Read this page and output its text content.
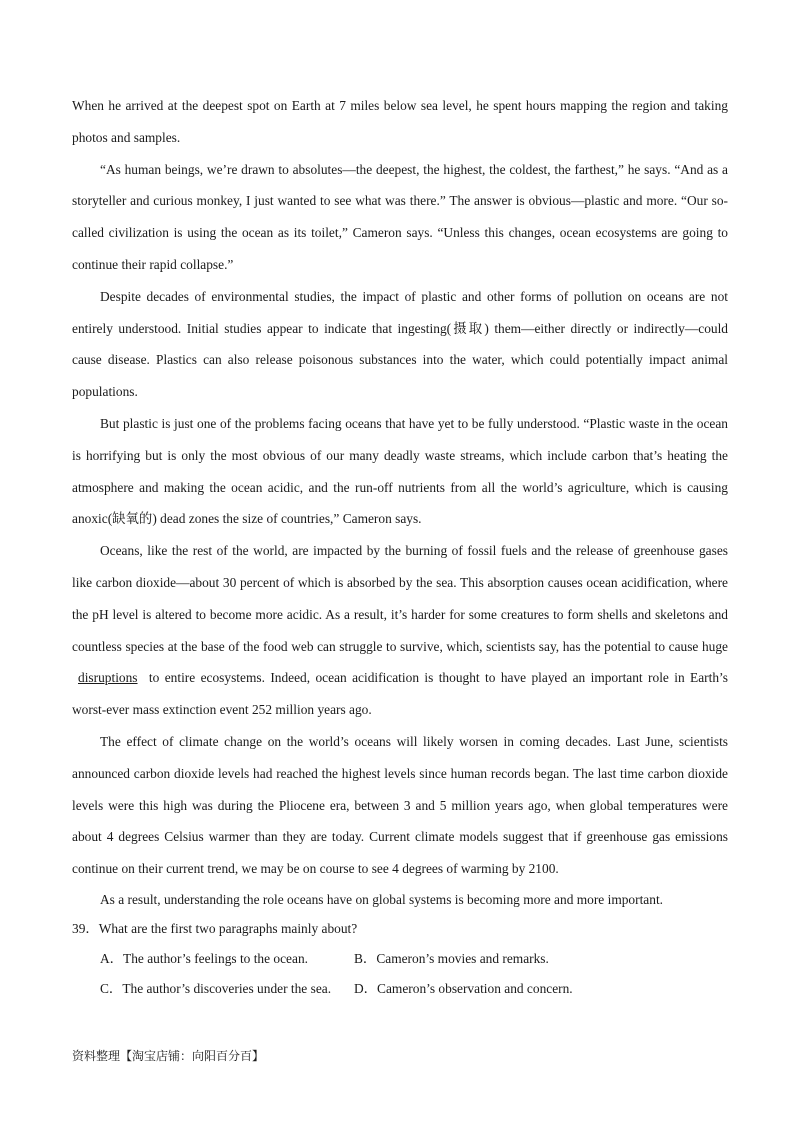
When he arrived at the deepest spot on Earth at 7 miles below sea level, he spent hours mapping the region and taking photos and samples.

“As human beings, we’re drawn to absolutes—the deepest, the highest, the coldest, the farthest,” he says. “And as a storyteller and curious monkey, I just wanted to see what was there.” The answer is obvious—plastic and more. “Our so-called civilization is using the ocean as its toilet,” Cameron says. “Unless this changes, ocean ecosystems are going to continue their rapid collapse.”

Despite decades of environmental studies, the impact of plastic and other forms of pollution on oceans are not entirely understood. Initial studies appear to indicate that ingesting(摄取) them—either directly or indirectly—could cause disease. Plastics can also release poisonous substances into the water, which could potentially impact animal populations.

But plastic is just one of the problems facing oceans that have yet to be fully understood. “Plastic waste in the ocean is horrifying but is only the most obvious of our many deadly waste streams, which include carbon that’s heating the atmosphere and making the ocean acidic, and the run-off nutrients from all the world’s agriculture, which is causing anoxic(缺氧的) dead zones the size of countries,” Cameron says.

Oceans, like the rest of the world, are impacted by the burning of fossil fuels and the release of greenhouse gases like carbon dioxide—about 30 percent of which is absorbed by the sea. This absorption causes ocean acidification, where the pH level is altered to become more acidic. As a result, it’s harder for some creatures to form shells and skeletons and countless species at the base of the food web can struggle to survive, which, scientists say, has the potential to cause huge disruptions to entire ecosystems. Indeed, ocean acidification is thought to have played an important role in Earth’s worst-ever mass extinction event 252 million years ago.

The effect of climate change on the world’s oceans will likely worsen in coming decades. Last June, scientists announced carbon dioxide levels had reached the highest levels since human records began. The last time carbon dioxide levels were this high was during the Pliocene era, between 3 and 5 million years ago, when global temperatures were about 4 degrees Celsius warmer than they are today. Current climate models suggest that if greenhouse gas emissions continue on their current trend, we may be on course to see 4 degrees of warming by 2100.

As a result, understanding the role oceans have on global systems is becoming more and more important.

39．What are the first two paragraphs mainly about?

A．The author’s feelings to the ocean.	B．Cameron’s movies and remarks.
C．The author’s discoveries under the sea.	D．Cameron’s observation and concern.
资料整理【淘宝店铺：向阳百分百】
